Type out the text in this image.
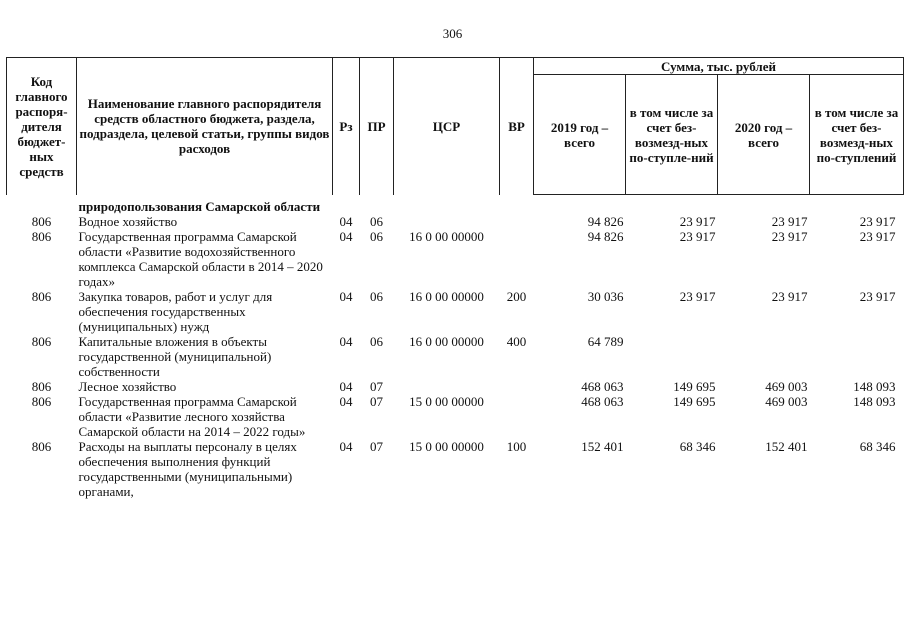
306
Код главного распоря-дителя бюджет-ных средств	Наименование главного распорядителя средств областного бюджета, раздела, подраздела, целевой статьи, группы видов расходов	Рз	ПР	ЦСР	ВР	Сумма, тыс. рублей			
						2019 год – всего	в том числе за счет без-возмезд-ных по-ступле-ний	2020 год – всего	в том числе за счет без-возмезд-ных по-ступлений
	природопользования Самарской области								
806	Водное хозяйство	04	06			94 826	23 917	23 917	23 917
806	Государственная программа Самарской области «Развитие водохозяйственного комплекса Самарской области в 2014 – 2020 годах»	04	06	16 0 00 00000		94 826	23 917	23 917	23 917
806	Закупка товаров, работ и услуг для обеспечения государственных (муниципальных) нужд	04	06	16 0 00 00000	200	30 036	23 917	23 917	23 917
806	Капитальные вложения в объекты государственной (муниципальной) собственности	04	06	16 0 00 00000	400	64 789			
806	Лесное хозяйство	04	07			468 063	149 695	469 003	148 093
806	Государственная программа Самарской области «Развитие лесного хозяйства Самарской области на 2014 – 2022 годы»	04	07	15 0 00 00000		468 063	149 695	469 003	148 093
806	Расходы на выплаты персоналу в целях обеспечения выполнения функций государственными (муниципальными) органами,	04	07	15 0 00 00000	100	152 401	68 346	152 401	68 346
